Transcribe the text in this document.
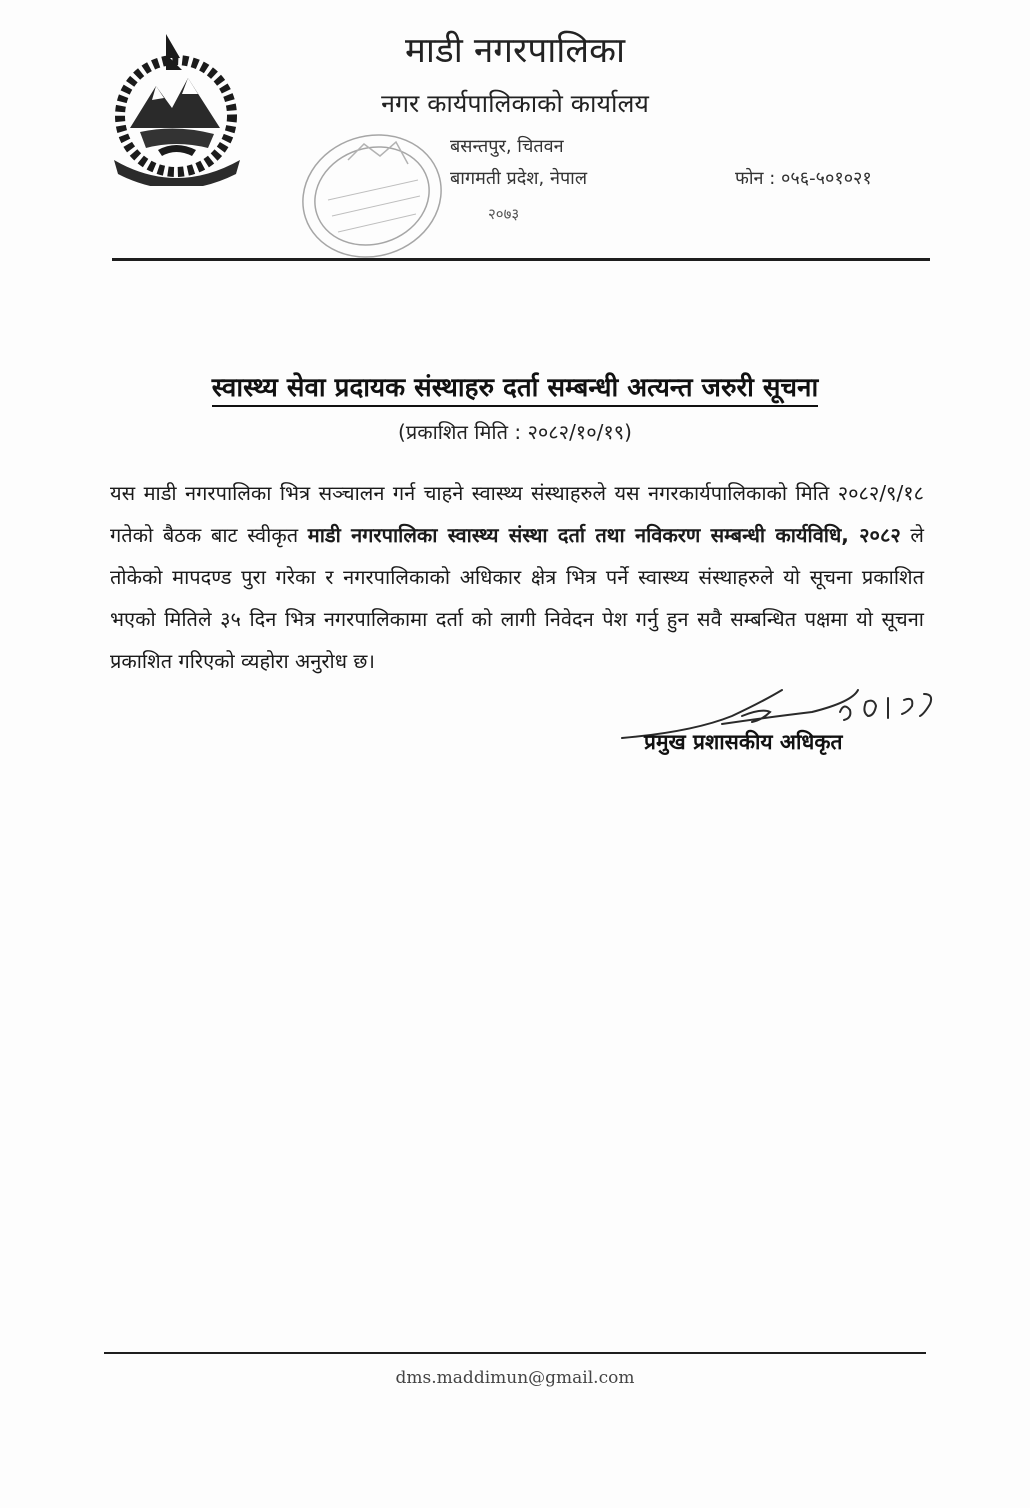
माडी नगरपालिका
नगर कार्यपालिकाको कार्यालय
बसन्तपुर, चितवन
बागमती प्रदेश, नेपाल
२०७३
फोन : ०५६-५०१०२१
स्वास्थ्य सेवा प्रदायक संस्थाहरु दर्ता सम्बन्धी अत्यन्त जरुरी सूचना
(प्रकाशित मिति : २०८२/१०/१९)
यस माडी नगरपालिका भित्र सञ्चालन गर्न चाहने स्वास्थ्य संस्थाहरुले यस नगरकार्यपालिकाको मिति २०८२/९/१८ गतेको बैठक बाट स्वीकृत माडी नगरपालिका स्वास्थ्य संस्था दर्ता तथा नविकरण सम्बन्धी कार्यविधि, २०८२ ले तोकेको मापदण्ड पुरा गरेका र नगरपालिकाको अधिकार क्षेत्र भित्र पर्ने स्वास्थ्य संस्थाहरुले यो सूचना प्रकाशित भएको मितिले ३५ दिन भित्र नगरपालिकामा दर्ता को लागी निवेदन पेश गर्नु हुन सवै सम्बन्धित पक्षमा यो सूचना प्रकाशित गरिएको व्यहोरा अनुरोध छ।
प्रमुख प्रशासकीय अधिकृत
dms.maddimun@gmail.com
